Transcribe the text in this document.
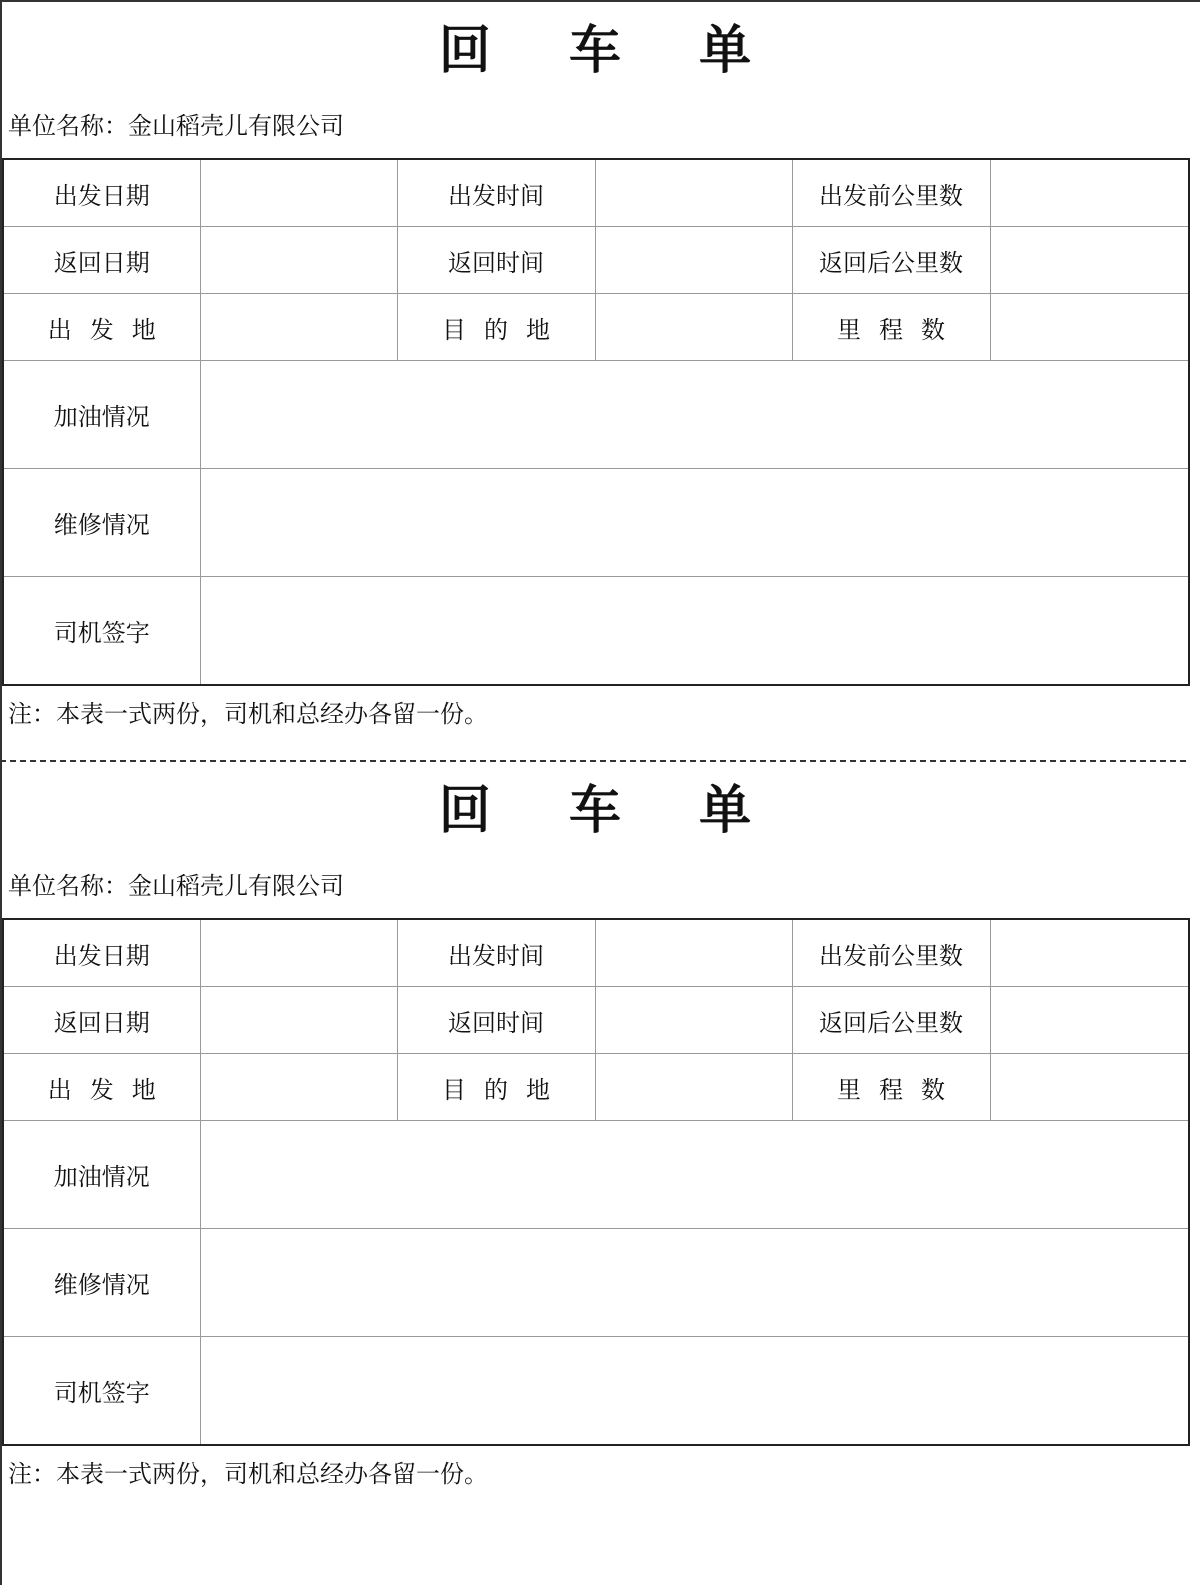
回 车 单
单位名称：金山稻壳儿有限公司
出发日期		出发时间		出发前公里数	
返回日期		返回时间		返回后公里数	
出发地		目的地		里程数	
加油情况					
维修情况					
司机签字					
注：本表一式两份，司机和总经办各留一份。
回 车 单
单位名称：金山稻壳儿有限公司
出发日期		出发时间		出发前公里数	
返回日期		返回时间		返回后公里数	
出发地		目的地		里程数	
加油情况					
维修情况					
司机签字					
注：本表一式两份，司机和总经办各留一份。
